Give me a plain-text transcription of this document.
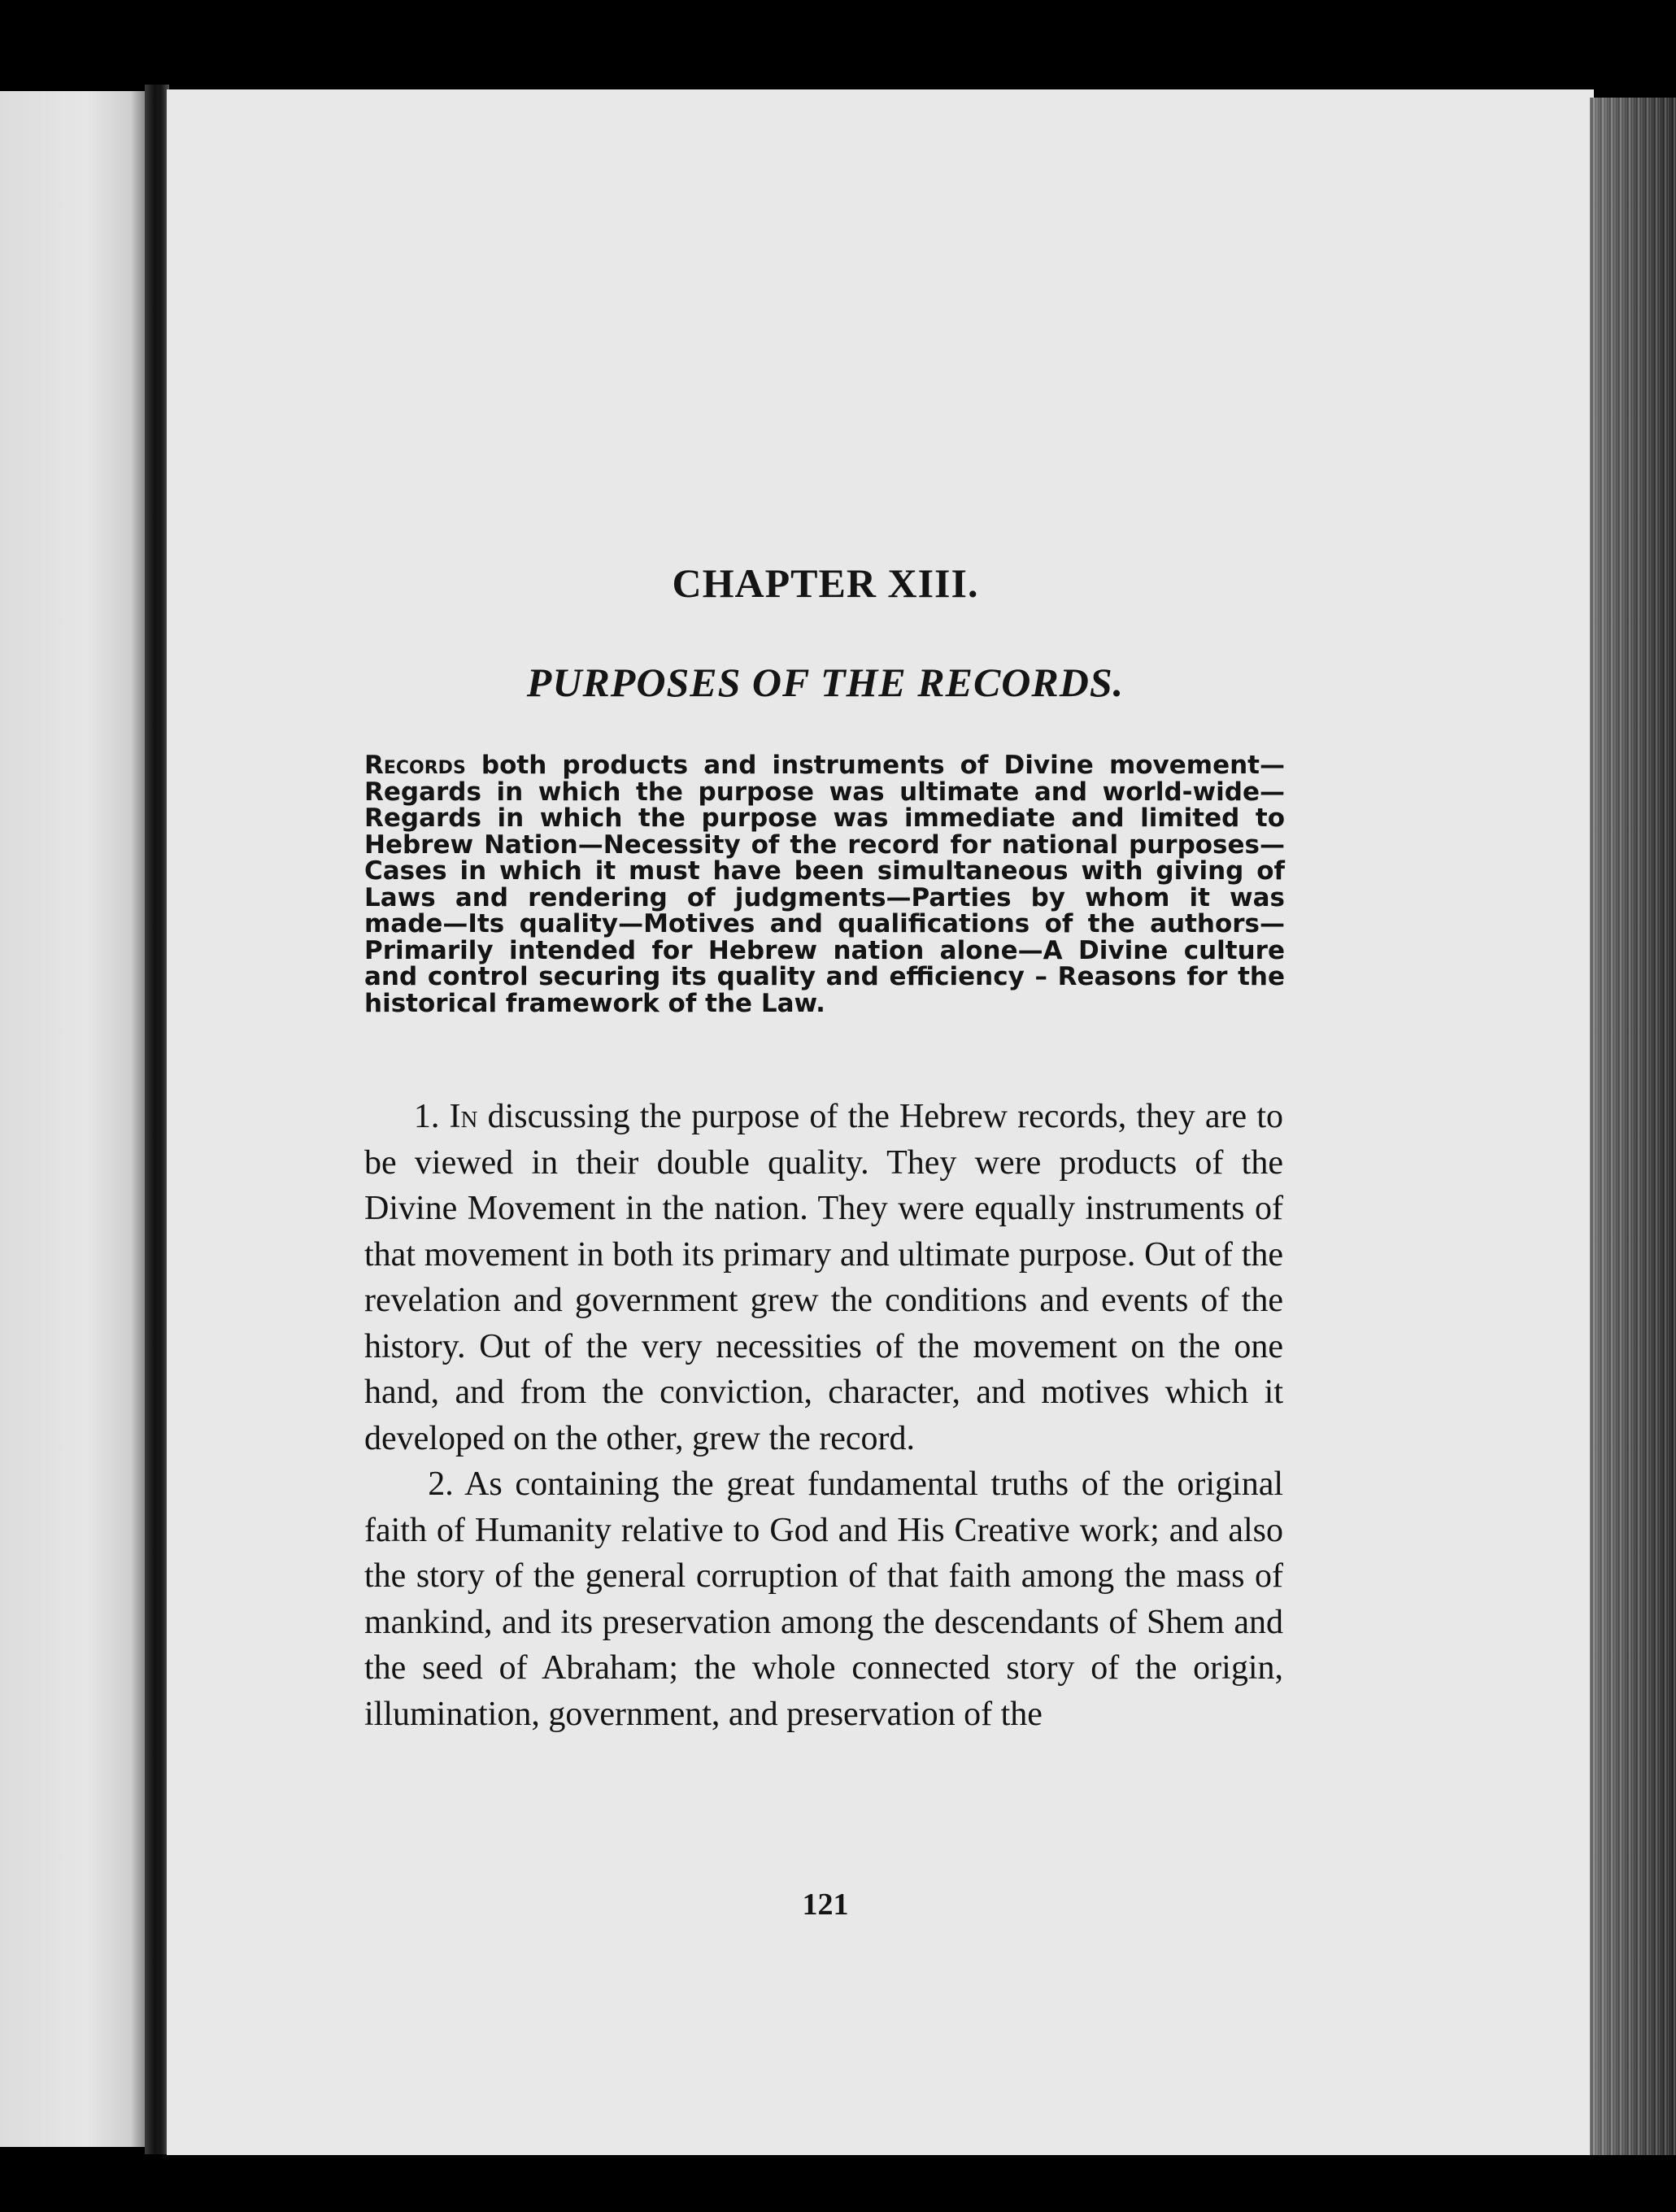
CHAPTER XIII.
PURPOSES OF THE RECORDS.

Records both products and instruments of Divine movement—Regards in which the purpose was ultimate and world-wide—Regards in which the purpose was immediate and limited to Hebrew Nation—Necessity of the record for national purposes—Cases in which it must have been simultaneous with giving of Laws and rendering of judgments—Parties by whom it was made—Its quality—Motives and qualifications of the authors—Primarily intended for Hebrew nation alone—A Divine culture and control securing its quality and efficiency – Reasons for the historical framework of the Law.

1. In discussing the purpose of the Hebrew records, they are to be viewed in their double quality. They were products of the Divine Movement in the nation. They were equally instruments of that movement in both its primary and ultimate purpose. Out of the revelation and government grew the conditions and events of the history. Out of the very necessities of the movement on the one hand, and from the conviction, character, and motives which it developed on the other, grew the record.

2. As containing the great fundamental truths of the original faith of Humanity relative to God and His Creative work; and also the story of the general corruption of that faith among the mass of mankind, and its preservation among the descendants of Shem and the seed of Abraham; the whole connected story of the origin, illumination, government, and preservation of the

121
